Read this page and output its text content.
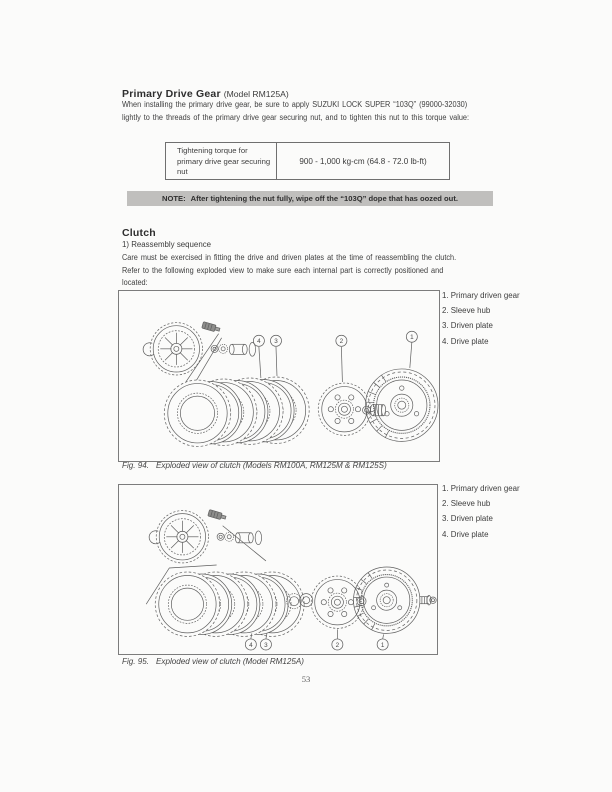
Primary Drive Gear (Model RM125A)
When installing the primary drive gear, be sure to apply SUZUKI LOCK SUPER “103Q” (99000-32030)
lightly to the threads of the primary drive gear securing nut, and to tighten this nut to this torque value:
Tightening torque for primary drive gear securing nut
900 - 1,000 kg-cm (64.8 - 72.0 lb-ft)
NOTE: After tightening the nut fully, wipe off the “103Q” dope that has oozed out.
Clutch
1) Reassembly sequence
Care must be exercised in fitting the drive and driven plates at the time of reassembling the clutch.
Refer to the following exploded view to make sure each internal part is correctly positioned and
located:
4 3	2
1
1. Primary driven gear
2. Sleeve hub
3. Driven plate
4. Drive plate
Fig. 94. Exploded view of clutch (Models RM100A, RM125M & RM125S)
4 3	2	1
1. Primary driven gear
2. Sleeve hub
3. Driven plate
4. Drive plate
Fig. 95. Exploded view of clutch (Model RM125A)
53
